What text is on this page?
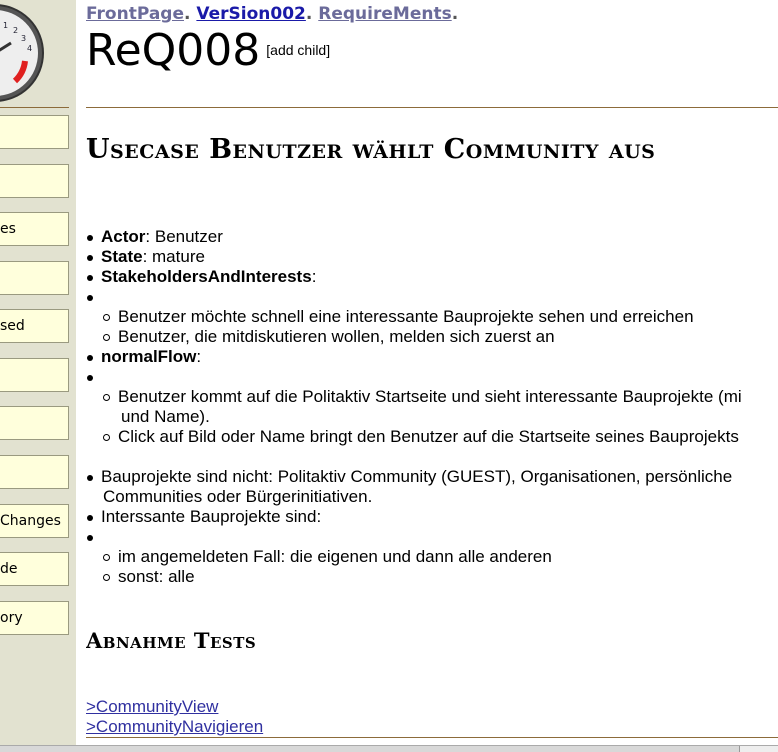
1
2
3
4
es
sed
Changes
de
ory
FrontPage. VerSion002. RequireMents.
ReQ008 [add child]
Usecase Benutzer wählt Community aus
Actor: Benutzer
State: mature
StakeholdersAndInterests:

Benutzer möchte schnell eine interessante Bauprojekte sehen und erreichen
Benutzer, die mitdiskutieren wollen, melden sich zuerst an
normalFlow:

Benutzer kommt auf die Politaktiv Startseite und sieht interessante Bauprojekte (mi
und Name).
Click auf Bild oder Name bringt den Benutzer auf die Startseite seines Bauprojekts
Bauprojekte sind nicht: Politaktiv Community (GUEST), Organisationen, persönliche
Communities oder Bürgerinitiativen.
Interssante Bauprojekte sind:

im angemeldeten Fall: die eigenen und dann alle anderen
sonst: alle
Abnahme Tests
>CommunityView
>CommunityNavigieren
